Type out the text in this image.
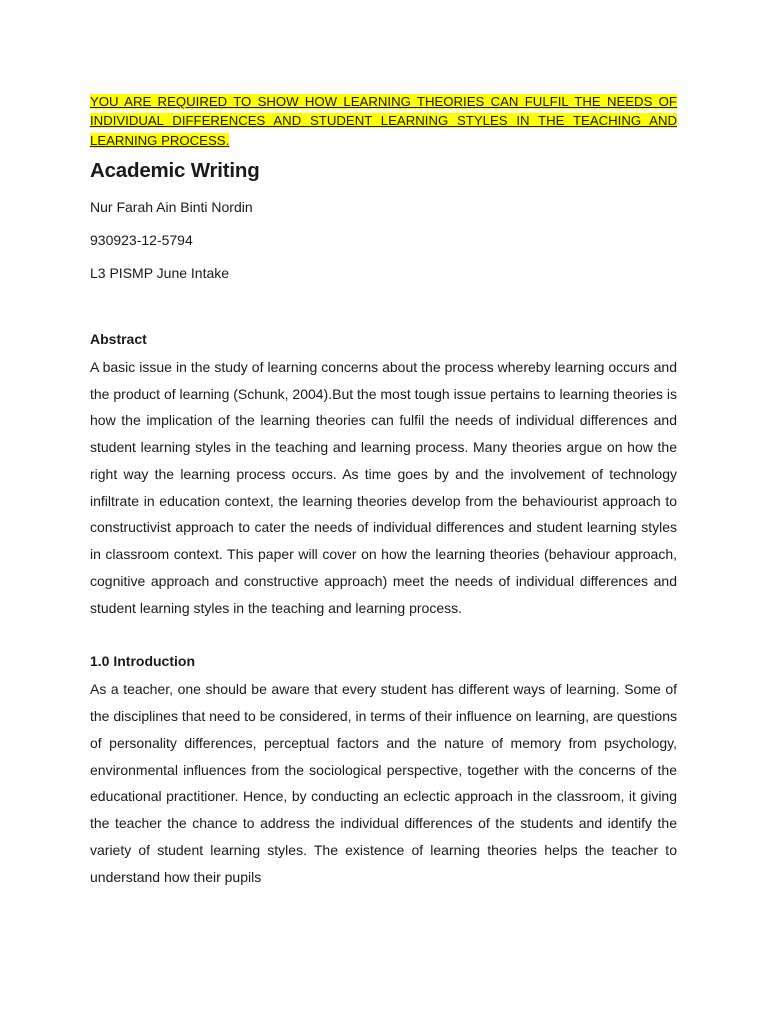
YOU ARE REQUIRED TO SHOW HOW LEARNING THEORIES CAN FULFIL THE NEEDS OF INDIVIDUAL DIFFERENCES AND STUDENT LEARNING STYLES IN THE TEACHING AND LEARNING PROCESS.

Academic Writing

Nur Farah Ain Binti Nordin

930923-12-5794

L3 PISMP June Intake

Abstract

A basic issue in the study of learning concerns about the process whereby learning occurs and the product of learning (Schunk, 2004).But the most tough issue pertains to learning theories is how the implication of the learning theories can fulfil the needs of individual differences and student learning styles in the teaching and learning process. Many theories argue on how the right way the learning process occurs. As time goes by and the involvement of technology infiltrate in education context, the learning theories develop from the behaviourist approach to constructivist approach to cater the needs of individual differences and student learning styles in classroom context. This paper will cover on how the learning theories (behaviour approach, cognitive approach and constructive approach) meet the needs of individual differences and student learning styles in the teaching and learning process.

1.0 Introduction

As a teacher, one should be aware that every student has different ways of learning. Some of the disciplines that need to be considered, in terms of their influence on learning, are questions of personality differences, perceptual factors and the nature of memory from psychology, environmental influences from the sociological perspective, together with the concerns of the educational practitioner. Hence, by conducting an eclectic approach in the classroom, it giving the teacher the chance to address the individual differences of the students and identify the variety of student learning styles. The existence of learning theories helps the teacher to understand how their pupils
